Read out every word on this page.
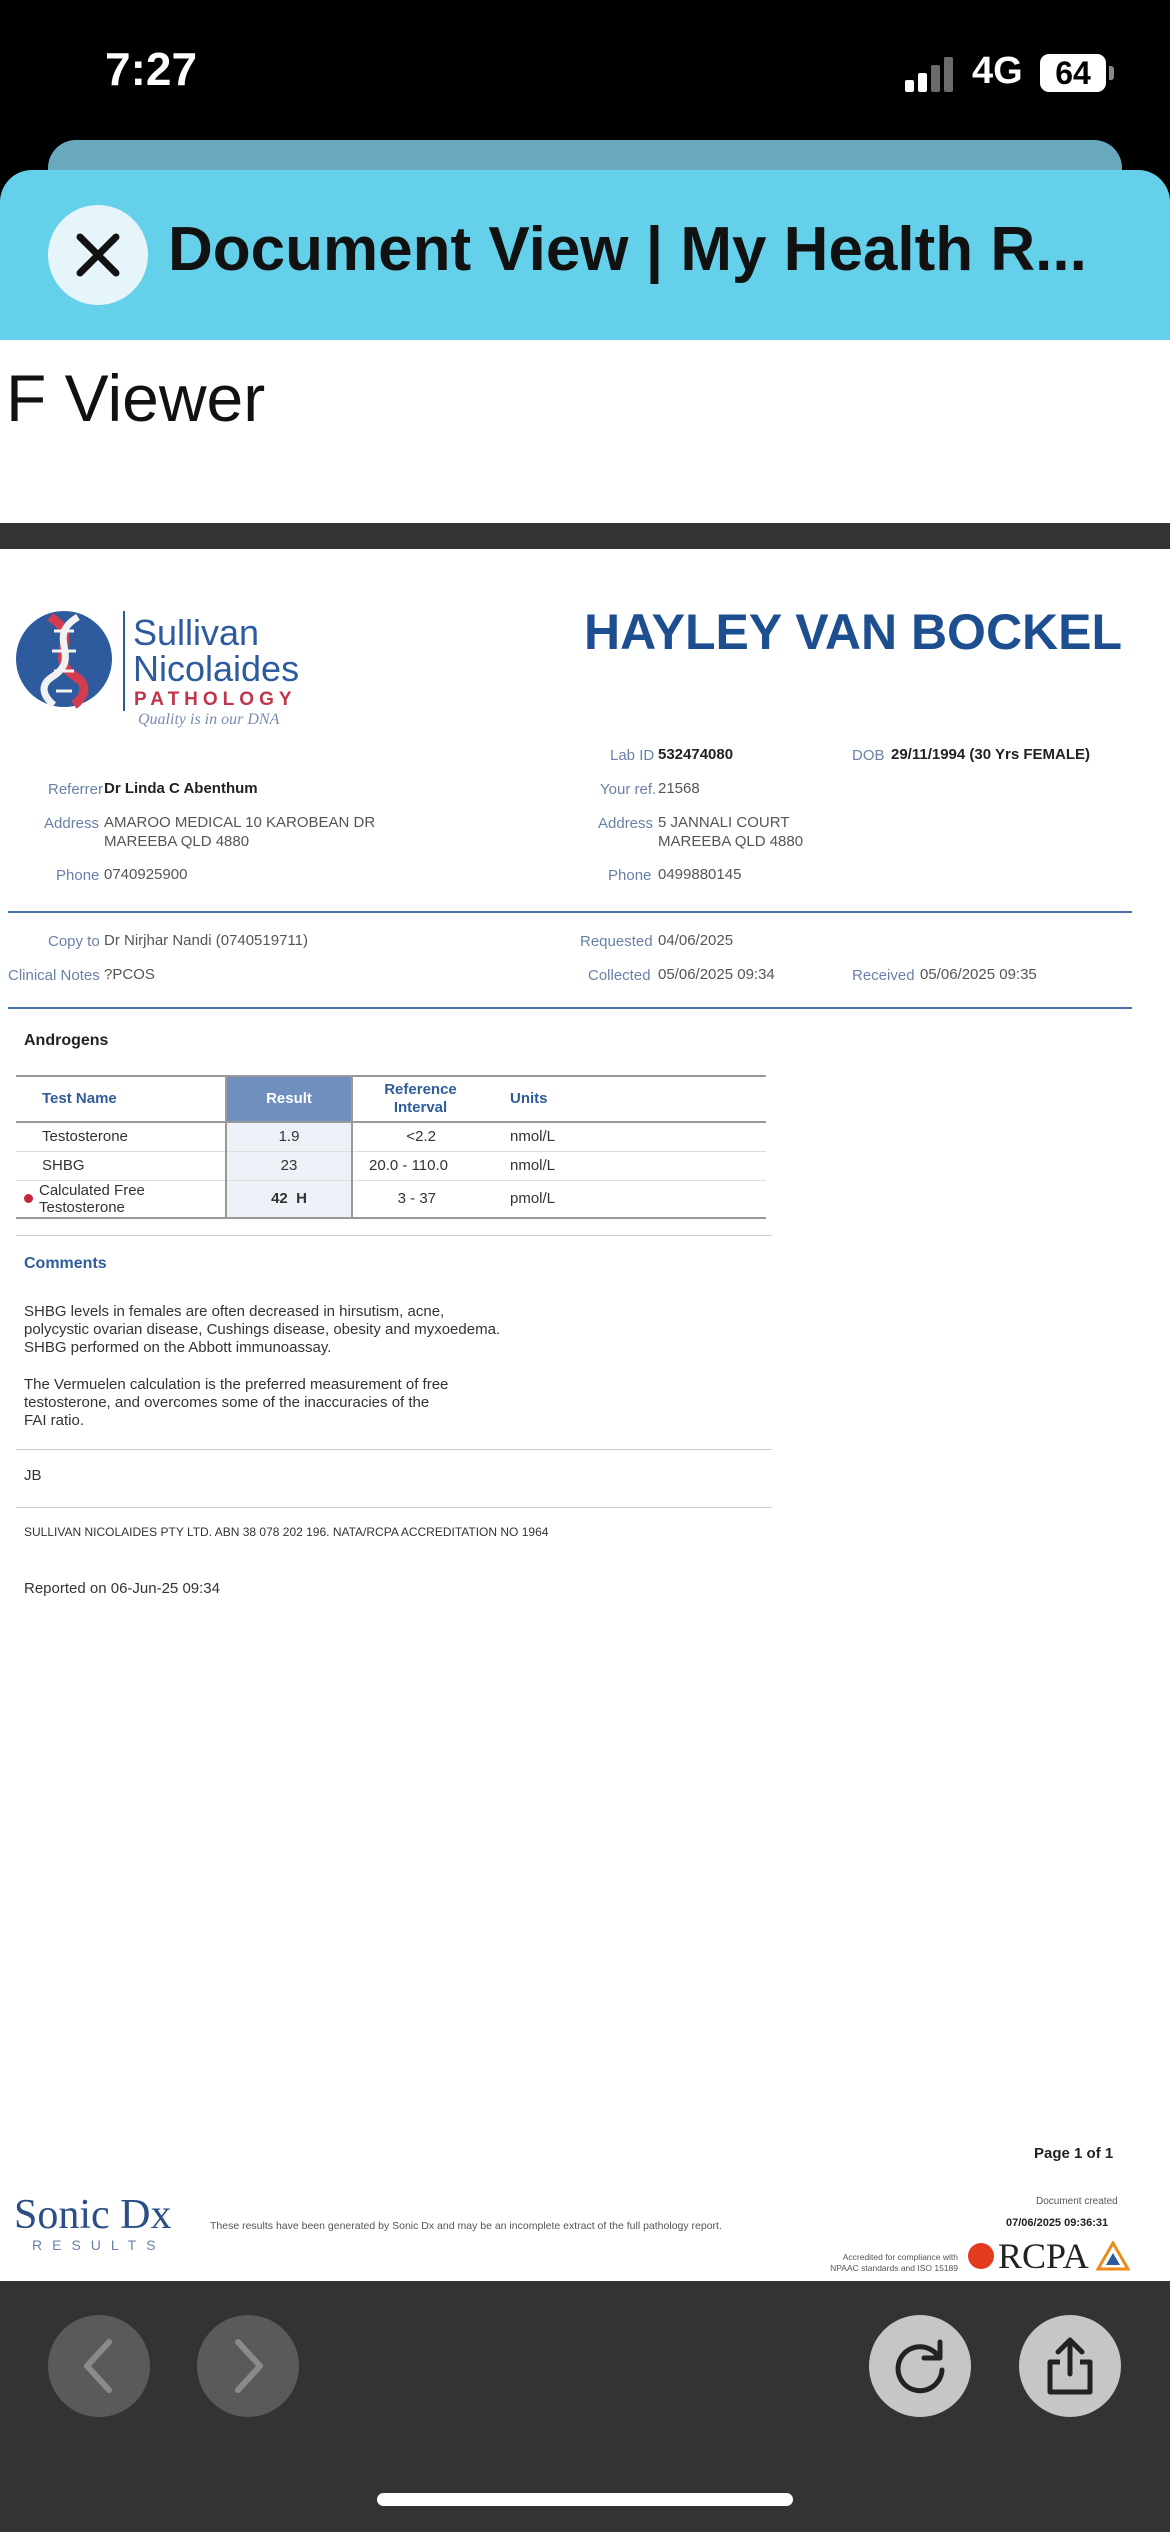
7:27	4G	64
Document View | My Health R...
F Viewer
Sullivan
Nicolaides
PATHOLOGY
Quality is in our DNA
HAYLEY VAN BOCKEL
Lab ID 532474080	DOB 29/11/1994 (30 Yrs FEMALE)
Your ref. 21568
Address 5 JANNALI COURT
MAREEBA QLD 4880
Phone 0499880145
Referrer Dr Linda C Abenthum
Address AMAROO MEDICAL 10 KAROBEAN DR
MAREEBA QLD 4880
Phone 0740925900
Copy to Dr Nirjhar Nandi (0740519711)
Clinical Notes ?PCOS
Requested 04/06/2025
Collected 05/06/2025 09:34	Received 05/06/2025 09:35
Androgens
Test Name	Result	Reference Interval	Units	
Testosterone	1.9	<2.2	nmol/L	
SHBG	23	20.0 - 110.0	nmol/L	

Calculated Free Testosterone	42 H	3 - 37	pmol/L	
Comments
SHBG levels in females are often decreased in hirsutism, acne,
polycystic ovarian disease, Cushings disease, obesity and myxoedema.
SHBG performed on the Abbott immunoassay.
The Vermuelen calculation is the preferred measurement of free
testosterone, and overcomes some of the inaccuracies of the
FAI ratio.
JB
SULLIVAN NICOLAIDES PTY LTD. ABN 38 078 202 196. NATA/RCPA ACCREDITATION NO 1964
Reported on 06-Jun-25 09:34
Page 1 of 1
Sonic Dx
RESULTS
These results have been generated by Sonic Dx and may be an incomplete extract of the full pathology report.
Document created
07/06/2025 09:36:31
Accredited for compliance with NPAAC standards and ISO 15189 RCPA
